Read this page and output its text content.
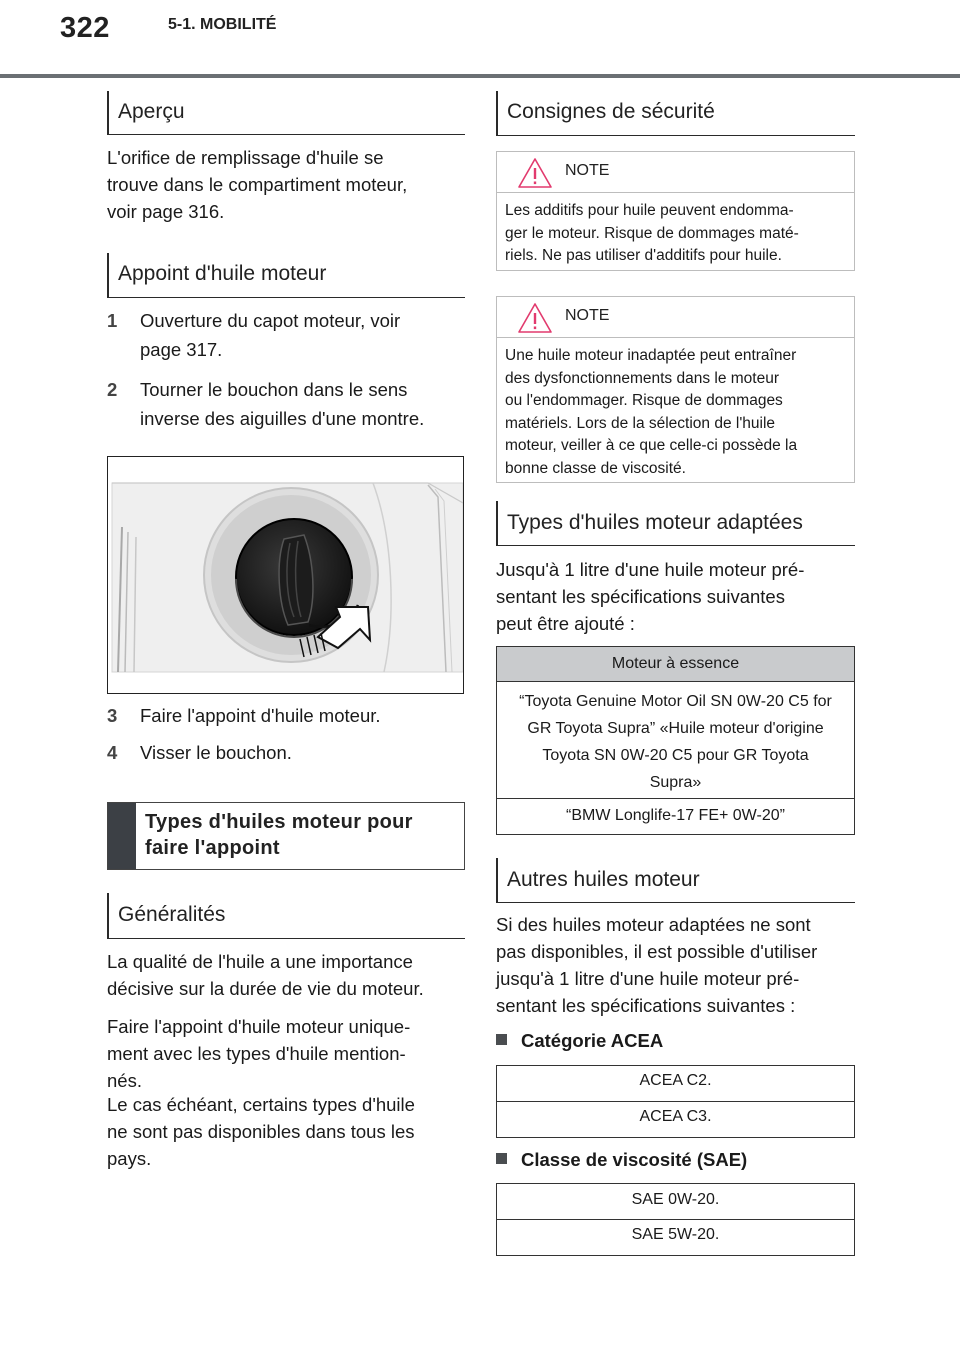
322	5-1. MOBILITÉ
Aperçu
L'orifice de remplissage d'huile se
trouve dans le compartiment moteur,
voir page 316.
Appoint d'huile moteur
1 Ouverture du capot moteur, voir
page 317.
2 Tourner le bouchon dans le sens
inverse des aiguilles d'une montre.
3 Faire l'appoint d'huile moteur.
4 Visser le bouchon.
Types d'huiles moteur pour
faire l'appoint
Généralités
La qualité de l'huile a une importance
décisive sur la durée de vie du moteur.
Faire l'appoint d'huile moteur unique-
ment avec les types d'huile mention-
nés.
Le cas échéant, certains types d'huile
ne sont pas disponibles dans tous les
pays.
Consignes de sécurité
NOTE
Les additifs pour huile peuvent endomma-
ger le moteur. Risque de dommages maté-
riels. Ne pas utiliser d'additifs pour huile.
NOTE
Une huile moteur inadaptée peut entraîner
des dysfonctionnements dans le moteur
ou l'endommager. Risque de dommages
matériels. Lors de la sélection de l'huile
moteur, veiller à ce que celle-ci possède la
bonne classe de viscosité.
Types d'huiles moteur adaptées
Jusqu'à 1 litre d'une huile moteur pré-
sentant les spécifications suivantes
peut être ajouté :
Moteur à essence
“Toyota Genuine Motor Oil SN 0W-20 C5 for
GR Toyota Supra” «Huile moteur d'origine
Toyota SN 0W-20 C5 pour GR Toyota
Supra»
“BMW Longlife-17 FE+ 0W-20”
Autres huiles moteur
Si des huiles moteur adaptées ne sont
pas disponibles, il est possible d'utiliser
jusqu'à 1 litre d'une huile moteur pré-
sentant les spécifications suivantes :
Catégorie ACEA
ACEA C2.
ACEA C3.
Classe de viscosité (SAE)
SAE 0W-20.
SAE 5W-20.
